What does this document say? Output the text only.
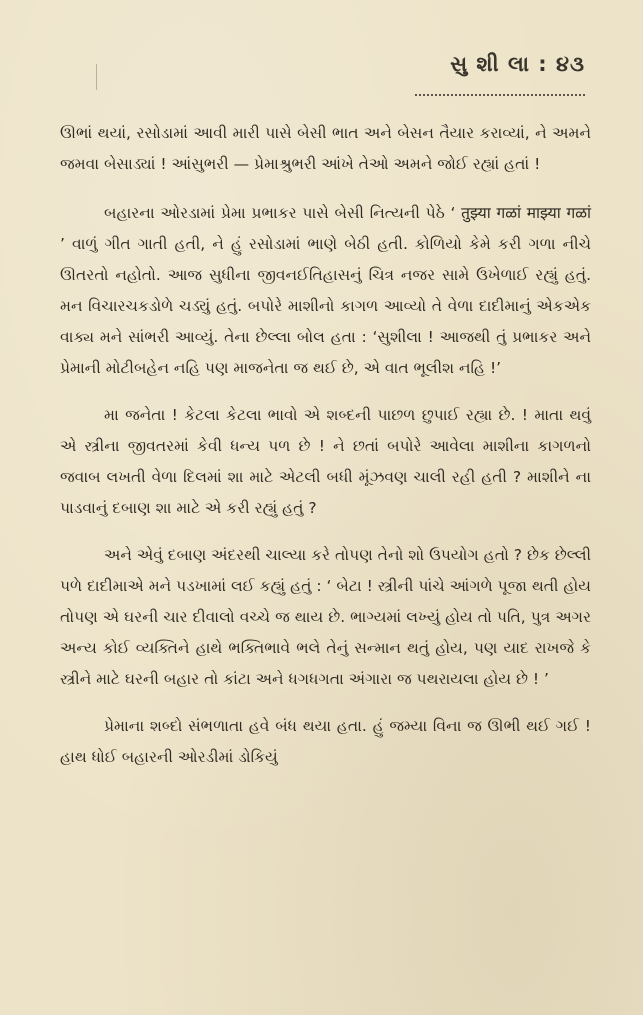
સુ શી લા : ૪૩

ઊભાં થયાં, રસોડામાં આવી મારી પાસે બેસી ભાત અને બેસન તૈયાર કરાવ્યાં, ને અમને જમવા બેસાડ્યાં ! આંસુભરી — પ્રેમાશ્રુભરી આંખે તેઓ અમને જોઈ રહ્યાં હતાં !

બહારના ઓરડામાં પ્રેમા પ્રભાકર પાસે બેસી નિત્યની પેઠે ‘ तुझ्या गळां माझ्या गळां ’ વાળું ગીત ગાતી હતી, ને હું રસોડામાં ભાણે બેઠી હતી. કોળિયો કેમે કરી ગળા નીચે ઊતરતો નહોતો. આજ સુધીના જીવનઈતિહાસનું ચિત્ર નજર સામે ઉખેળાઈ રહ્યું હતું. મન વિચારચકડોળે ચડ્યું હતું. બપોરે માશીનો કાગળ આવ્યો તે વેળા દાદીમાનું એકએક વાક્ય મને સાંભરી આવ્યું. તેના છેલ્લા બોલ હતા : ‘સુશીલા ! આજથી તું પ્રભાકર અને પ્રેમાની મોટીબહેન નહિ પણ માજનેતા જ થઈ છે, એ વાત ભૂલીશ નહિ !’

મા જનેતા ! કેટલા કેટલા ભાવો એ શબ્દની પાછળ છુપાઈ રહ્યા છે. ! માતા થવું એ સ્ત્રીના જીવતરમાં કેવી ધન્ય પળ છે ! ને છતાં બપોરે આવેલા માશીના કાગળનો જવાબ લખતી વેળા દિલમાં શા માટે એટલી બધી મૂંઝવણ ચાલી રહી હતી ? માશીને ના પાડવાનું દબાણ શા માટે એ કરી રહ્યું હતું ?

અને એવું દબાણ અંદરથી ચાલ્યા કરે તોપણ તેનો શો ઉપયોગ હતો ? છેક છેલ્લી પળે દાદીમાએ મને પડખામાં લઈ કહ્યું હતું : ‘ બેટા ! સ્ત્રીની પાંચે આંગળે પૂજા થતી હોય તોપણ એ ઘરની ચાર દીવાલો વચ્ચે જ થાય છે. ભાગ્યમાં લખ્યું હોય તો પતિ, પુત્ર અગર અન્ય કોઈ વ્યક્તિને હાથે ભક્તિભાવે ભલે તેનું સન્માન થતું હોય, પણ યાદ રાખજે કે સ્ત્રીને માટે ઘરની બહાર તો કાંટા અને ધગધગતા અંગારા જ પથરાયલા હોય છે ! ’

પ્રેમાના શબ્દો સંભળાતા હવે બંધ થયા હતા. હું જમ્યા વિના જ ઊભી થઈ ગઈ ! હાથ ધોઈ બહારની ઓરડીમાં ડોકિયું
